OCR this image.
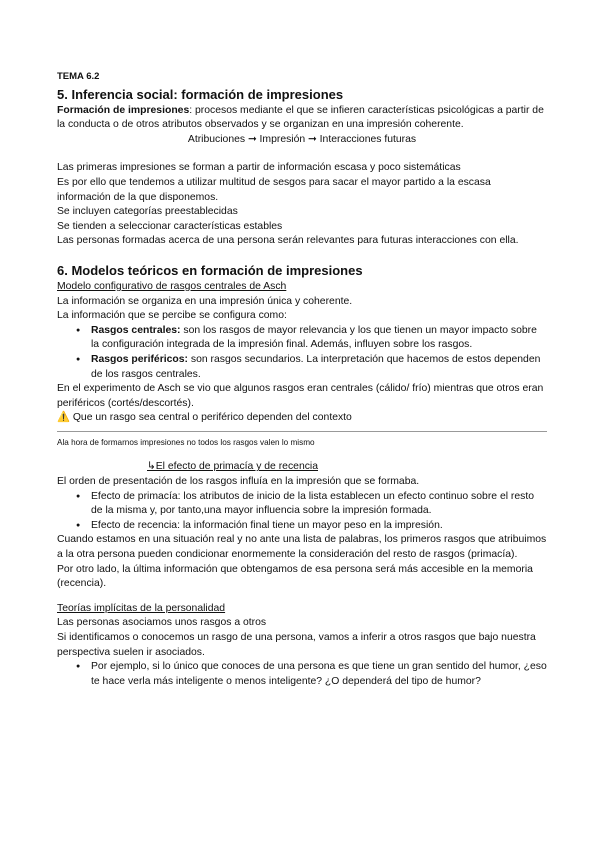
TEMA 6.2
5. Inferencia social: formación de impresiones

Formación de impresiones: procesos mediante el que se infieren características psicológicas a partir de la conducta o de otros atributos observados y se organizan en una impresión coherente.

Atribuciones ➞ Impresión ➞ Interacciones futuras

Las primeras impresiones se forman a partir de información escasa y poco sistemáticas

Es por ello que tendemos a utilizar multitud de sesgos para sacar el mayor partido a la escasa información de la que disponemos.

Se incluyen categorías preestablecidas

Se tienden a seleccionar características estables

Las personas formadas acerca de una persona serán relevantes para futuras interacciones con ella.

6. Modelos teóricos en formación de impresiones

Modelo configurativo de rasgos centrales de Asch

La información se organiza en una impresión única y coherente.

La información que se percibe se configura como:

● Rasgos centrales: son los rasgos de mayor relevancia y los que tienen un mayor impacto sobre la configuración integrada de la impresión final. Además, influyen sobre los rasgos.
● Rasgos periféricos: son rasgos secundarios. La interpretación que hacemos de estos dependen de los rasgos centrales.

En el experimento de Asch se vio que algunos rasgos eran centrales (cálido/ frío) mientras que otros eran periféricos (cortés/descortés).

⚠️ Que un rasgo sea central o periférico dependen del contexto

Ala hora de formarnos impresiones no todos los rasgos valen lo mismo

↳El efecto de primacía y de recencia

El orden de presentación de los rasgos influía en la impresión que se formaba.

● Efecto de primacía: los atributos de inicio de la lista establecen un efecto continuo sobre el resto de la misma y, por tanto,una mayor influencia sobre la impresión formada.
● Efecto de recencia: la información final tiene un mayor peso en la impresión.

Cuando estamos en una situación real y no ante una lista de palabras, los primeros rasgos que atribuimos a la otra persona pueden condicionar enormemente la consideración del resto de rasgos (primacía).

Por otro lado, la última información que obtengamos de esa persona será más accesible en la memoria (recencia).

Teorías implícitas de la personalidad

Las personas asociamos unos rasgos a otros

Si identificamos o conocemos un rasgo de una persona, vamos a inferir a otros rasgos que bajo nuestra perspectiva suelen ir asociados.

● Por ejemplo, si lo único que conoces de una persona es que tiene un gran sentido del humor, ¿eso te hace verla más inteligente o menos inteligente? ¿O dependerá del tipo de humor?
